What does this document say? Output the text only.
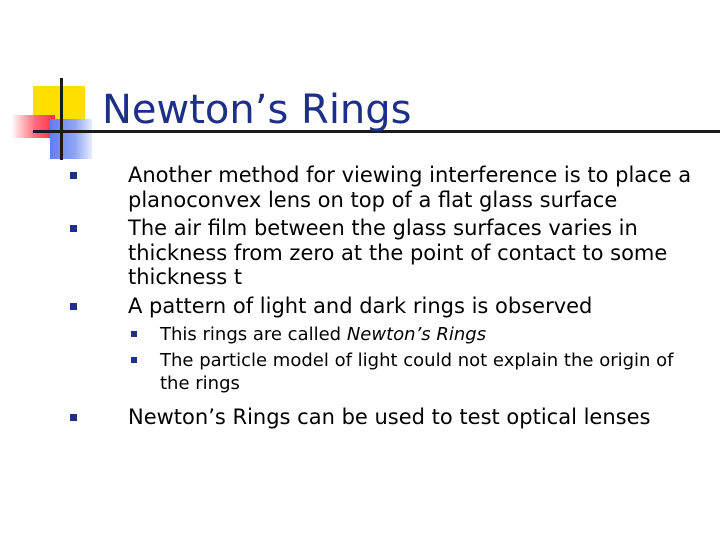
Newton’s Rings
Another method for viewing interference is to place a planoconvex lens on top of a flat glass surface
The air film between the glass surfaces varies in thickness from zero at the point of contact to some thickness t
A pattern of light and dark rings is observed
This rings are called Newton’s Rings
The particle model of light could not explain the origin of the rings
Newton’s Rings can be used to test optical lenses
